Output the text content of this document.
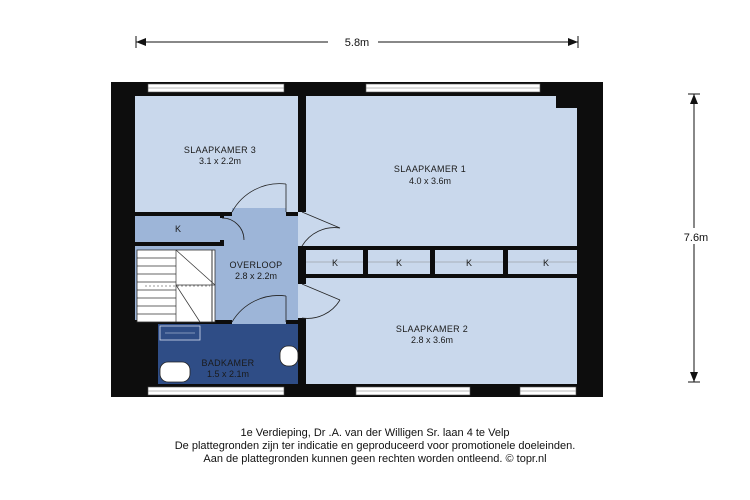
5.8m
7.6m
SLAAPKAMER 3
3.1 x 2.2m
SLAAPKAMER 1
4.0 x 3.6m
OVERLOOP
2.8 x 2.2m
SLAAPKAMER 2
2.8 x 3.6m
BADKAMER
1.5 x 2.1m
K
K	K	K	K
1e Verdieping, Dr .A. van der Willigen Sr. laan 4 te Velp
De plattegronden zijn ter indicatie en geproduceerd voor promotionele doeleinden.
Aan de plattegronden kunnen geen rechten worden ontleend. © topr.nl
